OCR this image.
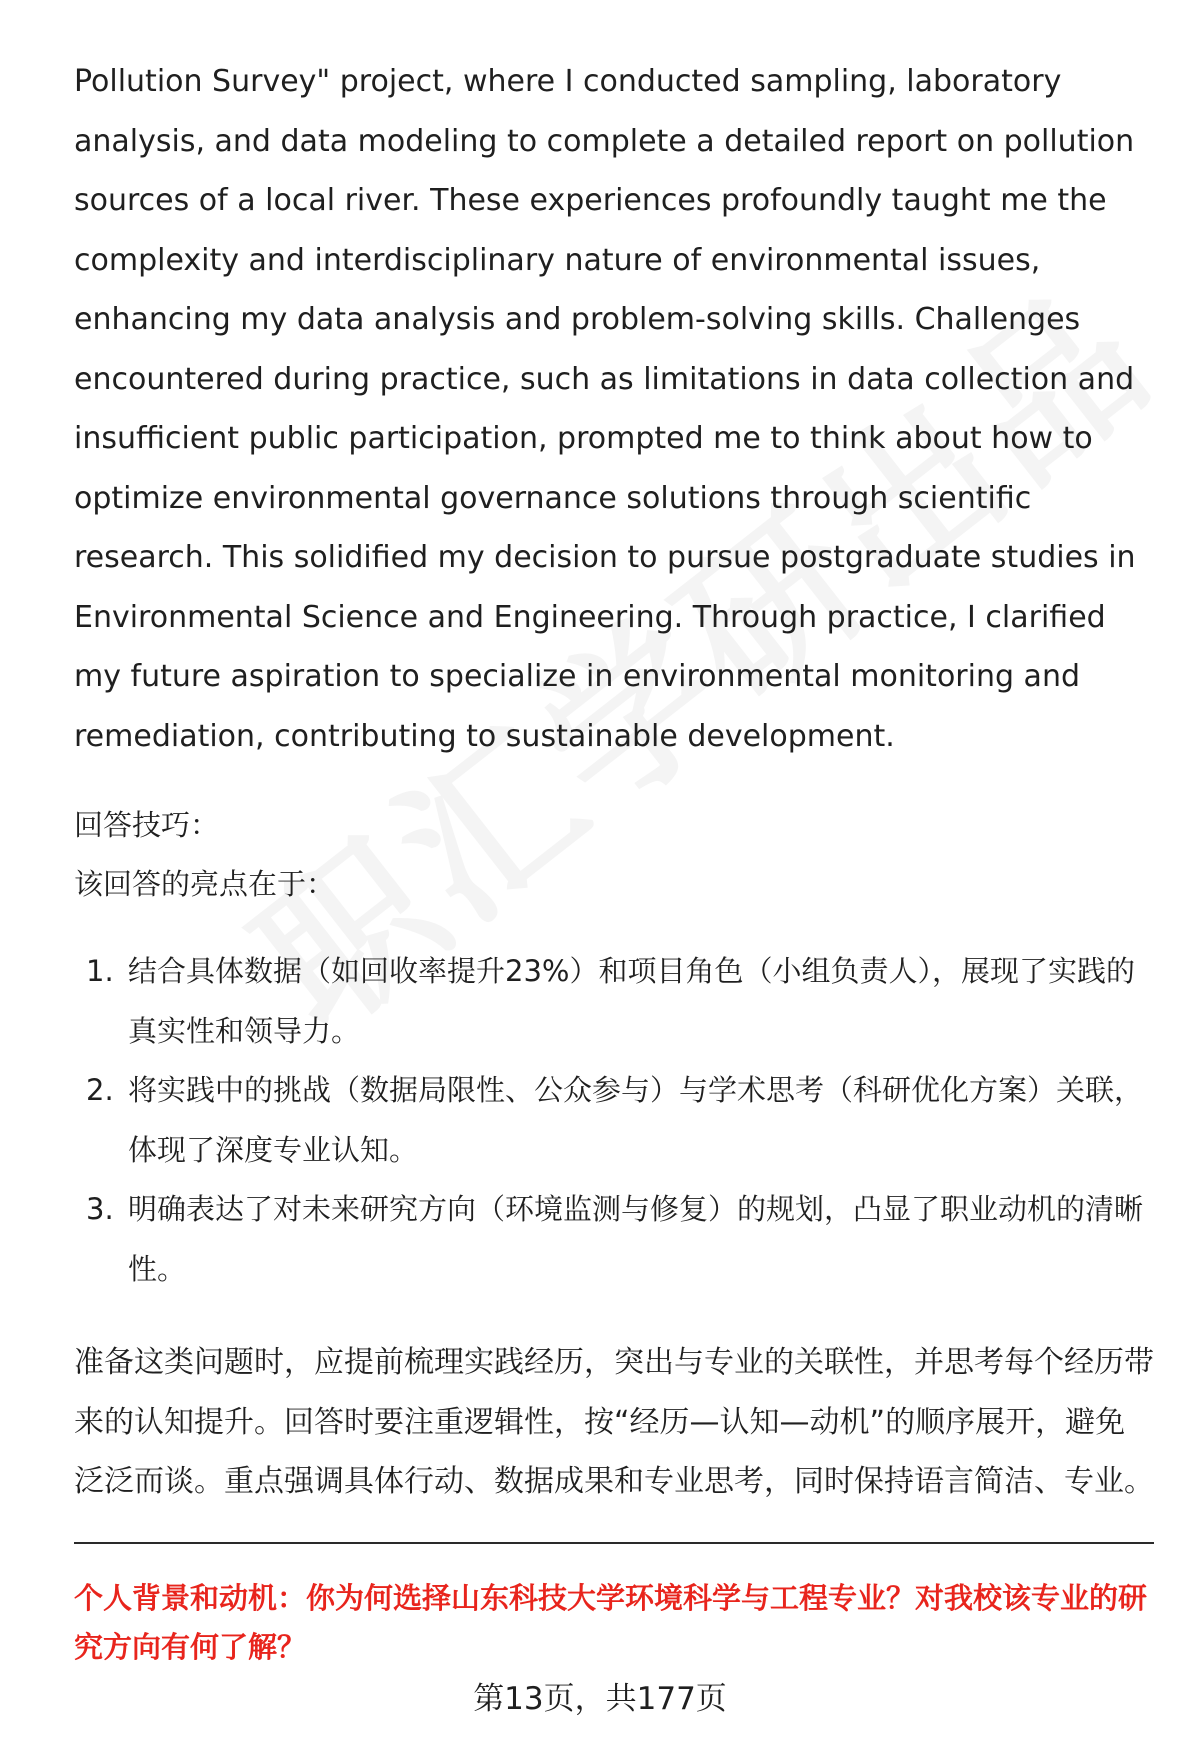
Pollution Survey" project, where I conducted sampling, laboratory analysis, and data modeling to complete a detailed report on pollution sources of a local river. These experiences profoundly taught me the complexity and interdisciplinary nature of environmental issues, enhancing my data analysis and problem-solving skills. Challenges encountered during practice, such as limitations in data collection and insufficient public participation, prompted me to think about how to optimize environmental governance solutions through scientific research. This solidified my decision to pursue postgraduate studies in Environmental Science and Engineering. Through practice, I clarified my future aspiration to specialize in environmental monitoring and remediation, contributing to sustainable development.

回答技巧：

该回答的亮点在于：

1. 结合具体数据（如回收率提升23%）和项目角色（小组负责人），展现了实践的真实性和领导力。
2. 将实践中的挑战（数据局限性、公众参与）与学术思考（科研优化方案）关联，体现了深度专业认知。
3. 明确表达了对未来研究方向（环境监测与修复）的规划，凸显了职业动机的清晰性。

准备这类问题时，应提前梳理实践经历，突出与专业的关联性，并思考每个经历带来的认知提升。回答时要注重逻辑性，按“经历—认知—动机”的顺序展开，避免泛泛而谈。重点强调具体行动、数据成果和专业思考，同时保持语言简洁、专业。

个人背景和动机：你为何选择山东科技大学环境科学与工程专业？对我校该专业的研究方向有何了解？

第13页，共177页
